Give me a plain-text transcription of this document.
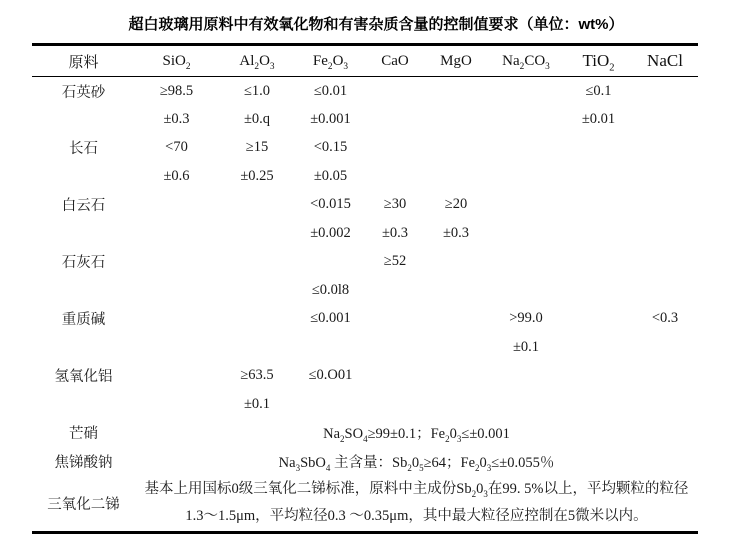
超白玻璃用原料中有效氧化物和有害杂质含量的控制值要求（单位：wt%）
原料	SiO$_2$	$Al_2O_3$	$Fe_2O_3$	CaO	MgO	$Na_2CO_3$	TiO$_2$	NaCl
石英砂	≥98.5	≤1.0	≤0.01				≤0.1	
	±0.3	±0.q	±0.001				±0.01	
长石	<70	≥15	<0.15					
	±0.6	±0.25	±0.05					
白云石			<0.015	≥30	≥20			
			±0.002	±0.3	±0.3			
石灰石				≥52				
			≤0.0l8					
重质碱			≤0.001			>99.0		<0.3
						±0.1		
氢氧化铝		≥63.5	≤0.O01					
		±0.1						
芒硝	$Na_2SO_4\ge 99\pm 0.1$；$Fe_20_3\le\pm 0.001$							
焦锑酸钠	$Na_3SbO_4$ 主含量：$Sb_20_5\ge 64$；$Fe_20_3\le\pm 0.055$％							
三氧化二锑	基本上用国标0级三氧化二锑标准，原料中主成份$Sb_20_3$在99. 5%以上，平均颗粒的粒径1.3～1.5μm，平均粒径0.3 ～0.35μm，其中最大粒径应控制在5微米以内。							
